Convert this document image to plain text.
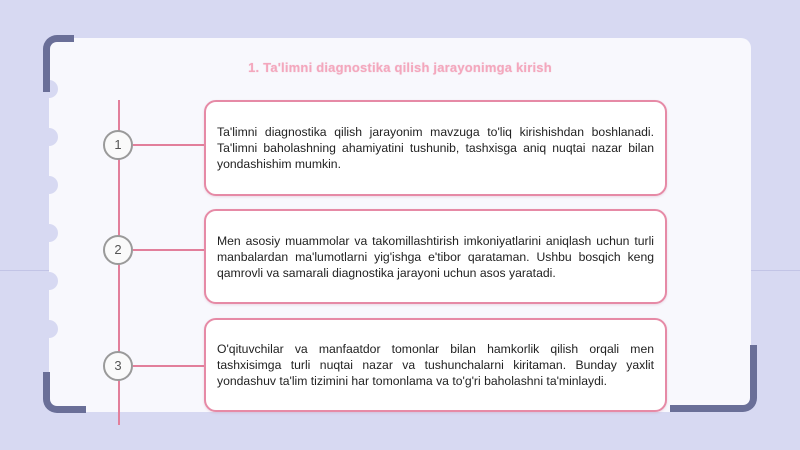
1. Ta'limni diagnostika qilish jarayonimga kirish
1

Ta'limni diagnostika qilish jarayonim mavzuga to'liq kirishishdan boshlanadi. Ta'limni baholashning ahamiyatini tushunib, tashxisga aniq nuqtai nazar bilan yondashishim mumkin.

2

Men asosiy muammolar va takomillashtirish imkoniyatlarini aniqlash uchun turli manbalardan ma'lumotlarni yig'ishga e'tibor qarataman. Ushbu bosqich keng qamrovli va samarali diagnostika jarayoni uchun asos yaratadi.

3

O'qituvchilar va manfaatdor tomonlar bilan hamkorlik qilish orqali men tashxisimga turli nuqtai nazar va tushunchalarni kiritaman. Bunday yaxlit yondashuv ta'lim tizimini har tomonlama va to'g'ri baholashni ta'minlaydi.
